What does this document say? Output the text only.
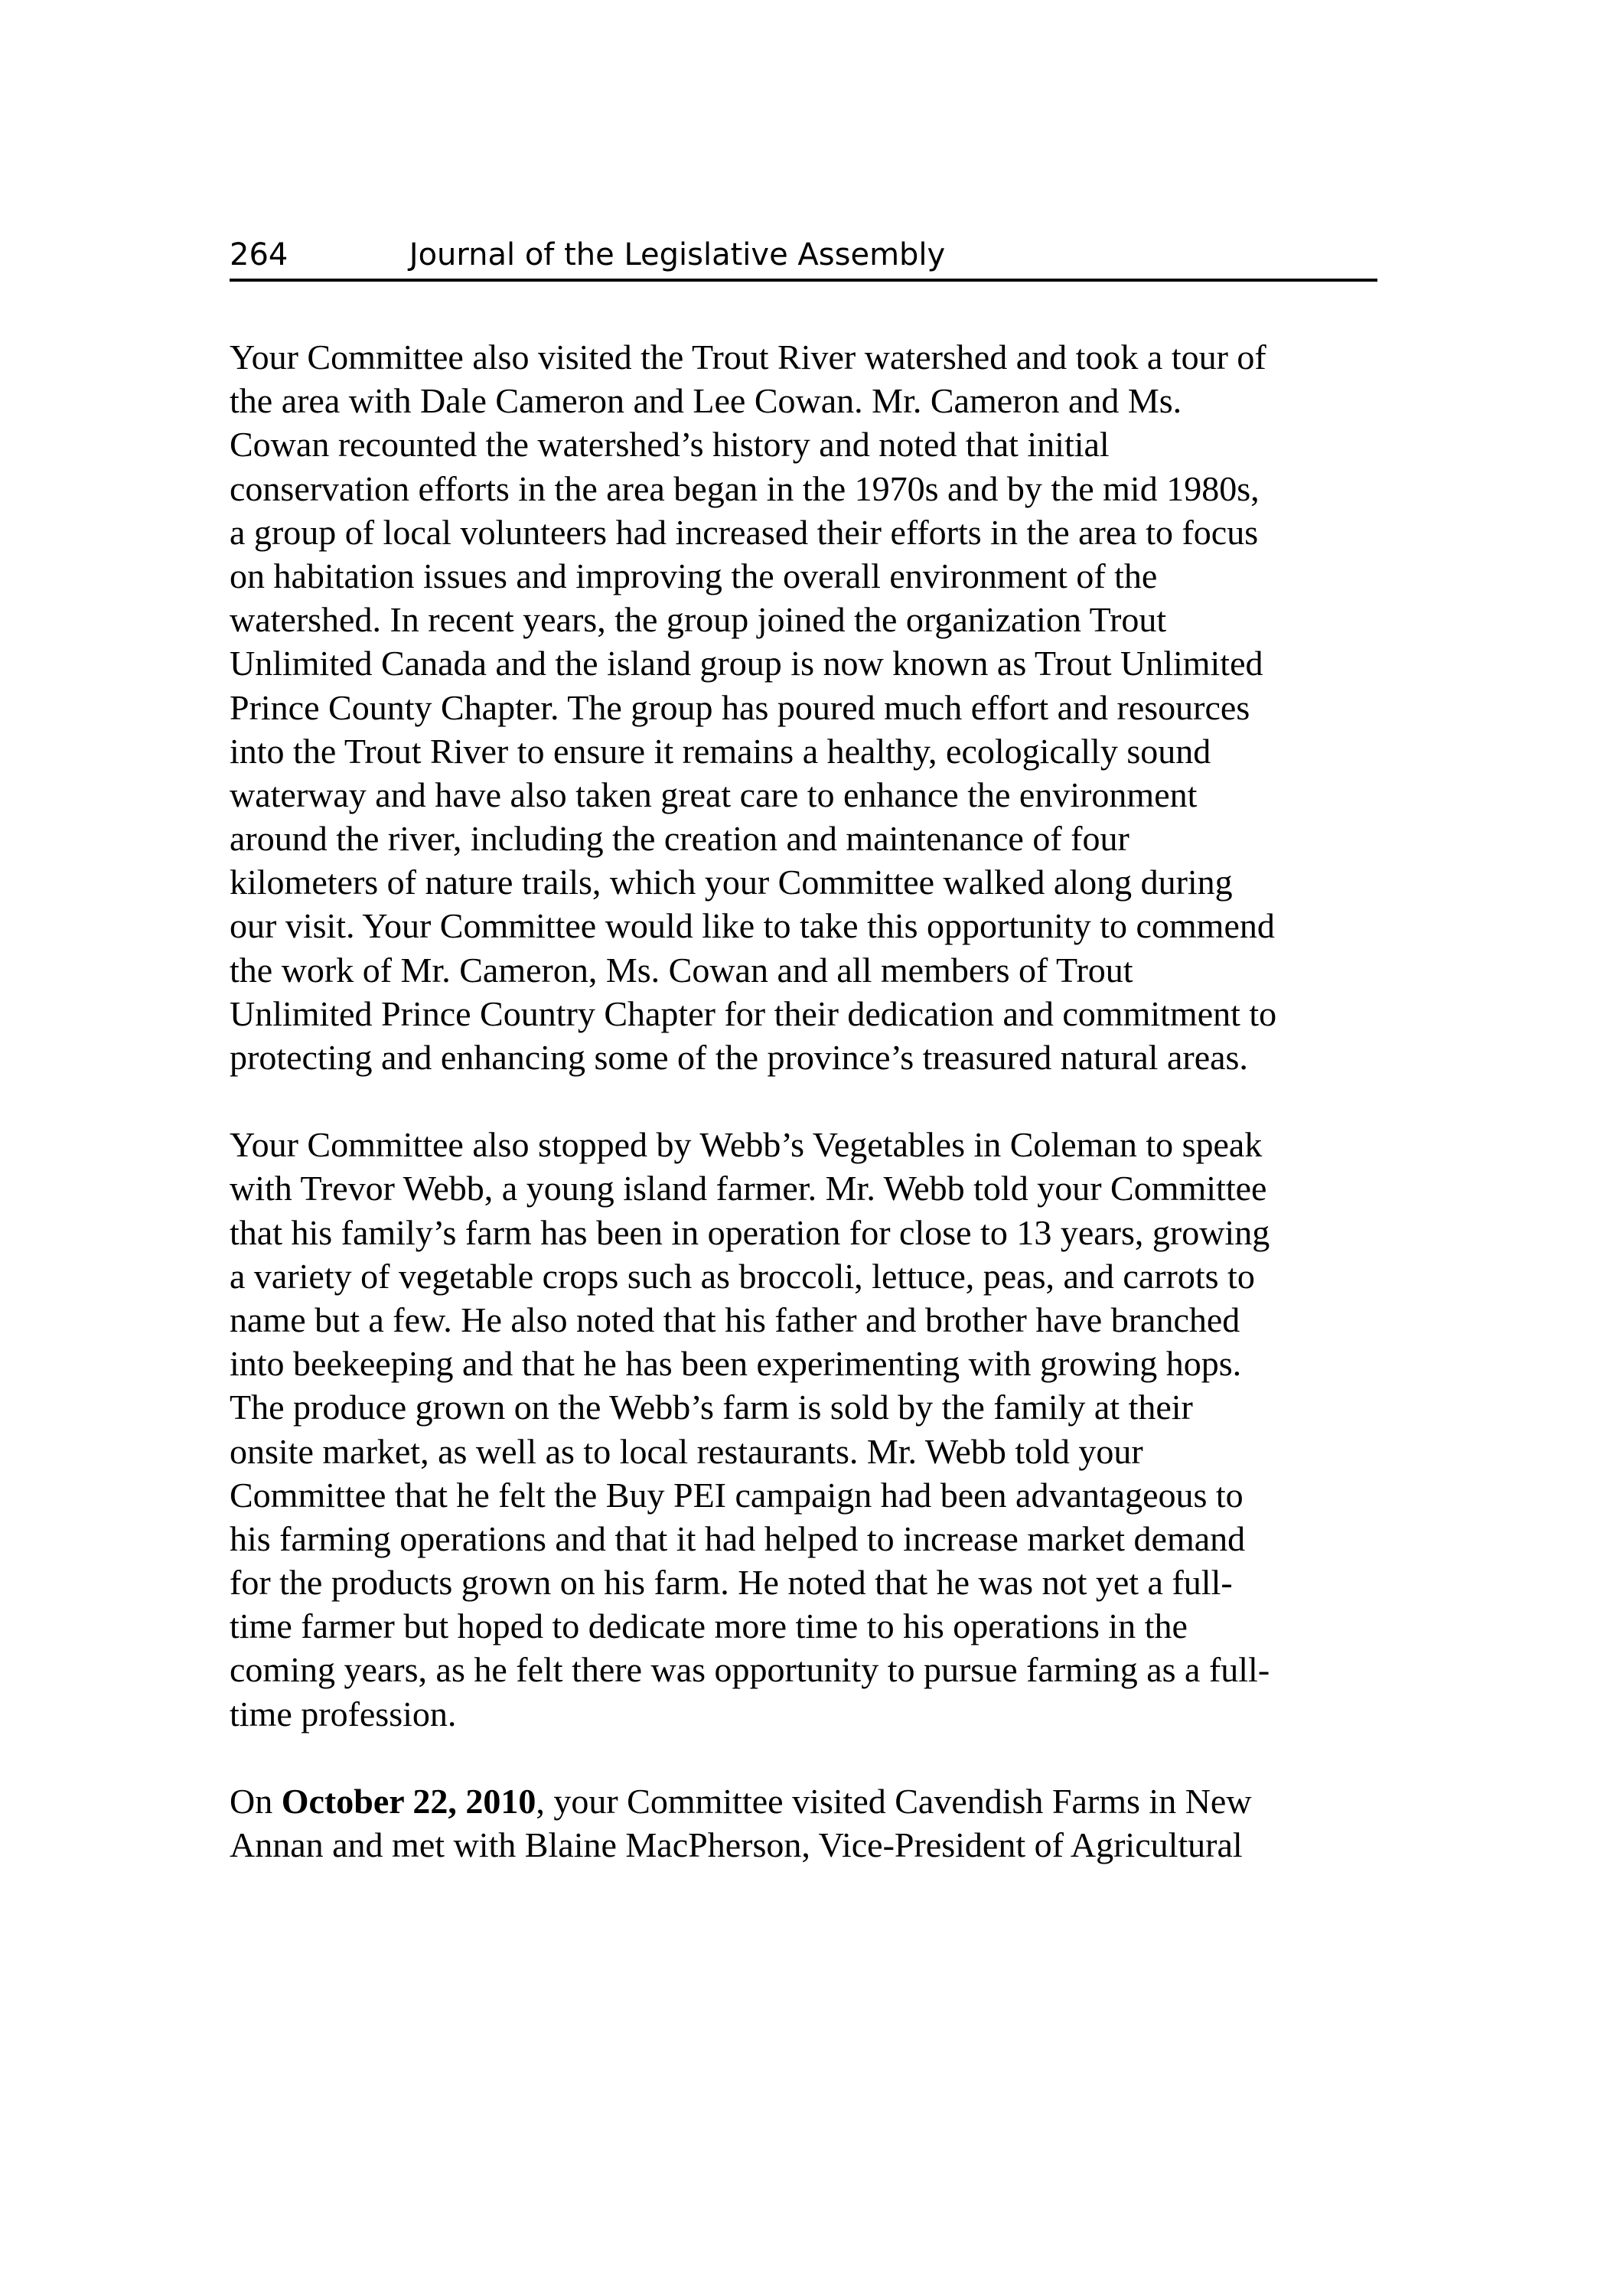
264	Journal of the Legislative Assembly
Your Committee also visited the Trout River watershed and took a tour of
the area with Dale Cameron and Lee Cowan. Mr. Cameron and Ms.
Cowan recounted the watershed’s history and noted that initial
conservation efforts in the area began in the 1970s and by the mid 1980s,
a group of local volunteers had increased their efforts in the area to focus
on habitation issues and improving the overall environment of the
watershed. In recent years, the group joined the organization Trout
Unlimited Canada and the island group is now known as Trout Unlimited
Prince County Chapter. The group has poured much effort and resources
into the Trout River to ensure it remains a healthy, ecologically sound
waterway and have also taken great care to enhance the environment
around the river, including the creation and maintenance of four
kilometers of nature trails, which your Committee walked along during
our visit. Your Committee would like to take this opportunity to commend
the work of Mr. Cameron, Ms. Cowan and all members of Trout
Unlimited Prince Country Chapter for their dedication and commitment to
protecting and enhancing some of the province’s treasured natural areas.
Your Committee also stopped by Webb’s Vegetables in Coleman to speak
with Trevor Webb, a young island farmer. Mr. Webb told your Committee
that his family’s farm has been in operation for close to 13 years, growing
a variety of vegetable crops such as broccoli, lettuce, peas, and carrots to
name but a few. He also noted that his father and brother have branched
into beekeeping and that he has been experimenting with growing hops.
The produce grown on the Webb’s farm is sold by the family at their
onsite market, as well as to local restaurants. Mr. Webb told your
Committee that he felt the Buy PEI campaign had been advantageous to
his farming operations and that it had helped to increase market demand
for the products grown on his farm. He noted that he was not yet a full-
time farmer but hoped to dedicate more time to his operations in the
coming years, as he felt there was opportunity to pursue farming as a full-
time profession.
On October 22, 2010, your Committee visited Cavendish Farms in New
Annan and met with Blaine MacPherson, Vice-President of Agricultural
